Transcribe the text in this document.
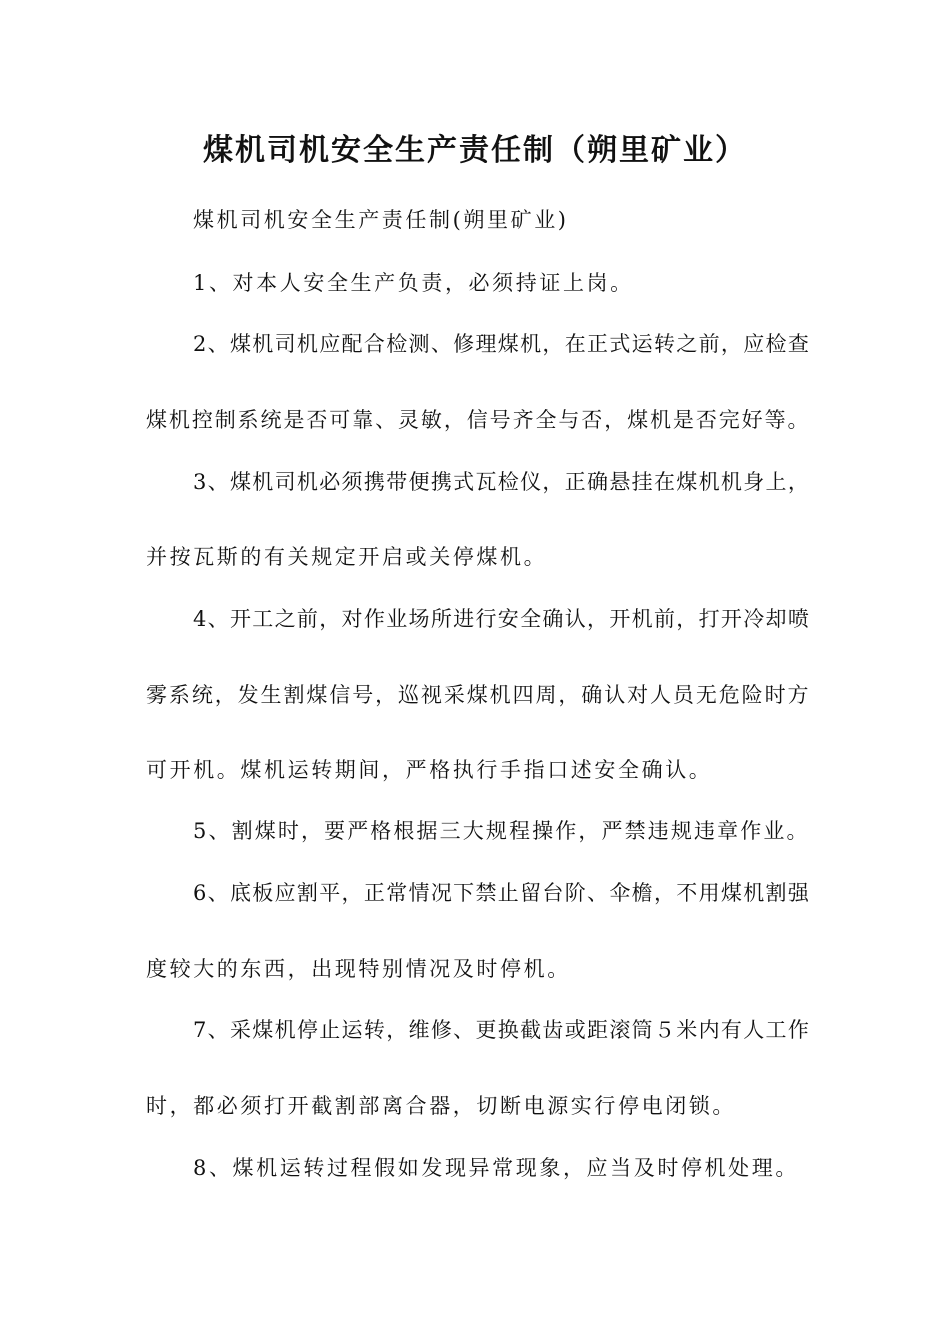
煤机司机安全生产责任制（朔里矿业）

煤机司机安全生产责任制(朔里矿业)

1、对本人安全生产负责，必须持证上岗。

2、煤机司机应配合检测、修理煤机，在正式运转之前，应检查

煤机控制系统是否可靠、灵敏，信号齐全与否，煤机是否完好等。

3、煤机司机必须携带便携式瓦检仪，正确悬挂在煤机机身上，

并按瓦斯的有关规定开启或关停煤机。

4、开工之前，对作业场所进行安全确认，开机前，打开冷却喷

雾系统，发生割煤信号，巡视采煤机四周，确认对人员无危险时方

可开机。煤机运转期间，严格执行手指口述安全确认。

5、割煤时，要严格根据三大规程操作，严禁违规违章作业。

6、底板应割平，正常情况下禁止留台阶、伞檐，不用煤机割强

度较大的东西，出现特别情况及时停机。

7、采煤机停止运转，维修、更换截齿或距滚筒５米内有人工作

时，都必须打开截割部离合器，切断电源实行停电闭锁。

8、煤机运转过程假如发现异常现象，应当及时停机处理。
